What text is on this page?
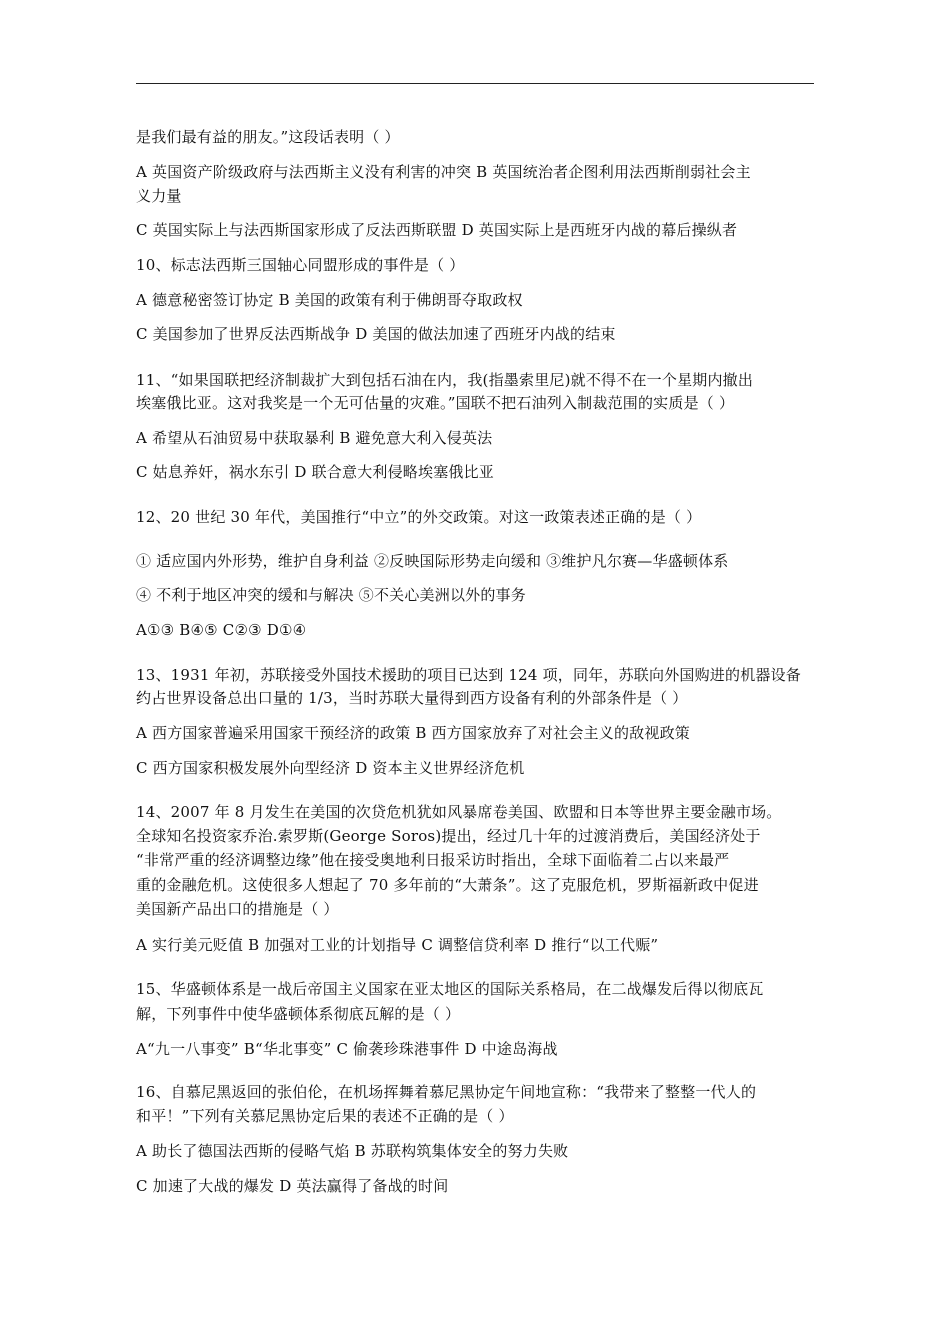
是我们最有益的朋友。”这段话表明（ ）
A 英国资产阶级政府与法西斯主义没有利害的冲突 B 英国统治者企图利用法西斯削弱社会主
义力量
C 英国实际上与法西斯国家形成了反法西斯联盟 D 英国实际上是西班牙内战的幕后操纵者
10、标志法西斯三国轴心同盟形成的事件是（ ）
A 德意秘密签订协定 B 美国的政策有利于佛朗哥夺取政权
C 美国参加了世界反法西斯战争 D 美国的做法加速了西班牙内战的结束
11、“如果国联把经济制裁扩大到包括石油在内，我(指墨索里尼)就不得不在一个星期内撤出
埃塞俄比亚。这对我奖是一个无可估量的灾难。”国联不把石油列入制裁范围的实质是（ ）
A 希望从石油贸易中获取暴利 B 避免意大利入侵英法
C 姑息养奸，祸水东引 D 联合意大利侵略埃塞俄比亚
12、20 世纪 30 年代，美国推行“中立”的外交政策。对这一政策表述正确的是（ ）
① 适应国内外形势，维护自身利益 ②反映国际形势走向缓和 ③维护凡尔赛—华盛顿体系
④ 不利于地区冲突的缓和与解决 ⑤不关心美洲以外的事务
A①③ B④⑤ C②③ D①④
13、1931 年初，苏联接受外国技术援助的项目已达到 124 项，同年，苏联向外国购进的机器设备
约占世界设备总出口量的 1/3，当时苏联大量得到西方设备有利的外部条件是（ ）
A 西方国家普遍采用国家干预经济的政策 B 西方国家放弃了对社会主义的敌视政策
C 西方国家积极发展外向型经济 D 资本主义世界经济危机
14、2007 年 8 月发生在美国的次贷危机犹如风暴席卷美国、欧盟和日本等世界主要金融市场。
全球知名投资家乔治.索罗斯(George Soros)提出，经过几十年的过渡消费后，美国经济处于
“非常严重的经济调整边缘”他在接受奥地利日报采访时指出，全球下面临着二占以来最严
重的金融危机。这使很多人想起了 70 多年前的“大萧条”。这了克服危机，罗斯福新政中促进
美国新产品出口的措施是（ ）
A 实行美元贬值 B 加强对工业的计划指导 C 调整信贷利率 D 推行“以工代赈”
15、华盛顿体系是一战后帝国主义国家在亚太地区的国际关系格局，在二战爆发后得以彻底瓦
解，下列事件中使华盛顿体系彻底瓦解的是（ ）
A“九一八事变” B“华北事变” C 偷袭珍珠港事件 D 中途岛海战
16、自慕尼黑返回的张伯伦，在机场挥舞着慕尼黑协定午间地宣称：“我带来了整整一代人的
和平！”下列有关慕尼黑协定后果的表述不正确的是（ ）
A 助长了德国法西斯的侵略气焰 B 苏联构筑集体安全的努力失败
C 加速了大战的爆发 D 英法赢得了备战的时间
